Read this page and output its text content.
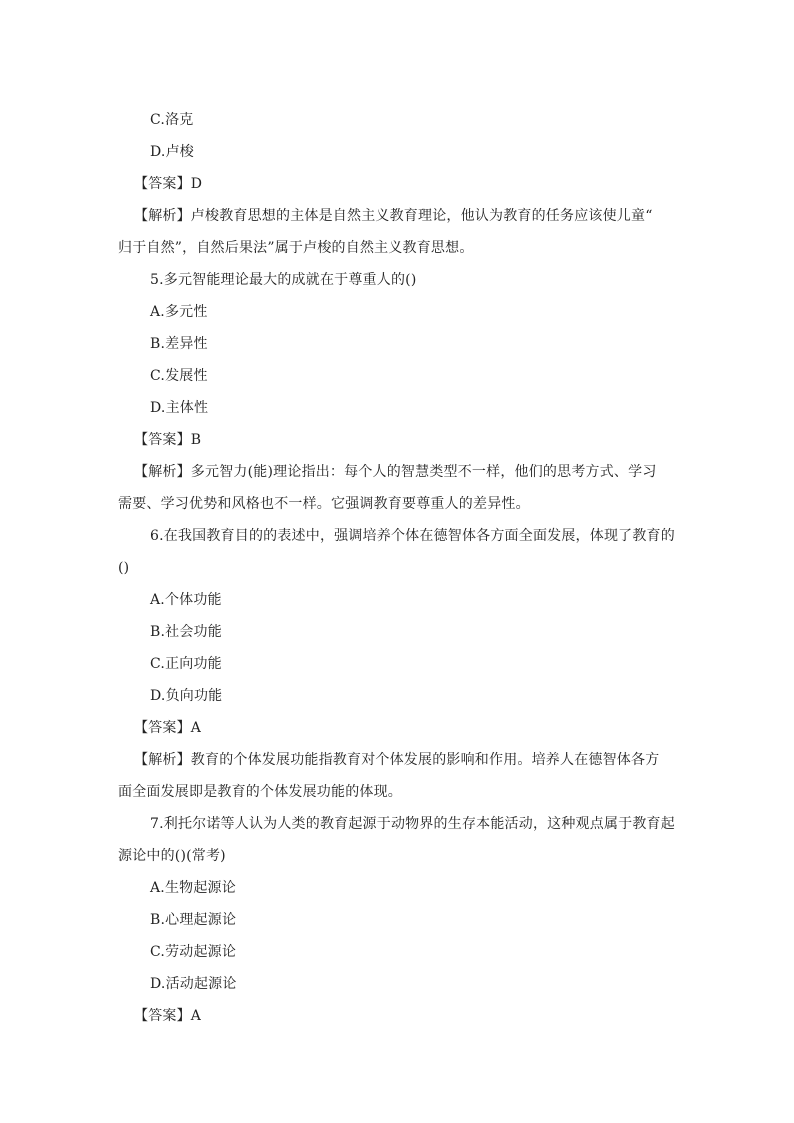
C.洛克
D.卢梭
【答案】D
【解析】卢梭教育思想的主体是自然主义教育理论，他认为教育的任务应该使儿童“
归于自然”，自然后果法”属于卢梭的自然主义教育思想。
5.多元智能理论最大的成就在于尊重人的()
A.多元性
B.差异性
C.发展性
D.主体性
【答案】B
【解析】多元智力(能)理论指出：每个人的智慧类型不一样，他们的思考方式、学习
需要、学习优势和风格也不一样。它强调教育要尊重人的差异性。
6.在我国教育目的的表述中，强调培养个体在德智体各方面全面发展，体现了教育的
()
A.个体功能
B.社会功能
C.正向功能
D.负向功能
【答案】A
【解析】教育的个体发展功能指教育对个体发展的影响和作用。培养人在德智体各方
面全面发展即是教育的个体发展功能的体现。
7.利托尔诺等人认为人类的教育起源于动物界的生存本能活动，这种观点属于教育起
源论中的()(常考)
A.生物起源论
B.心理起源论
C.劳动起源论
D.活动起源论
【答案】A
